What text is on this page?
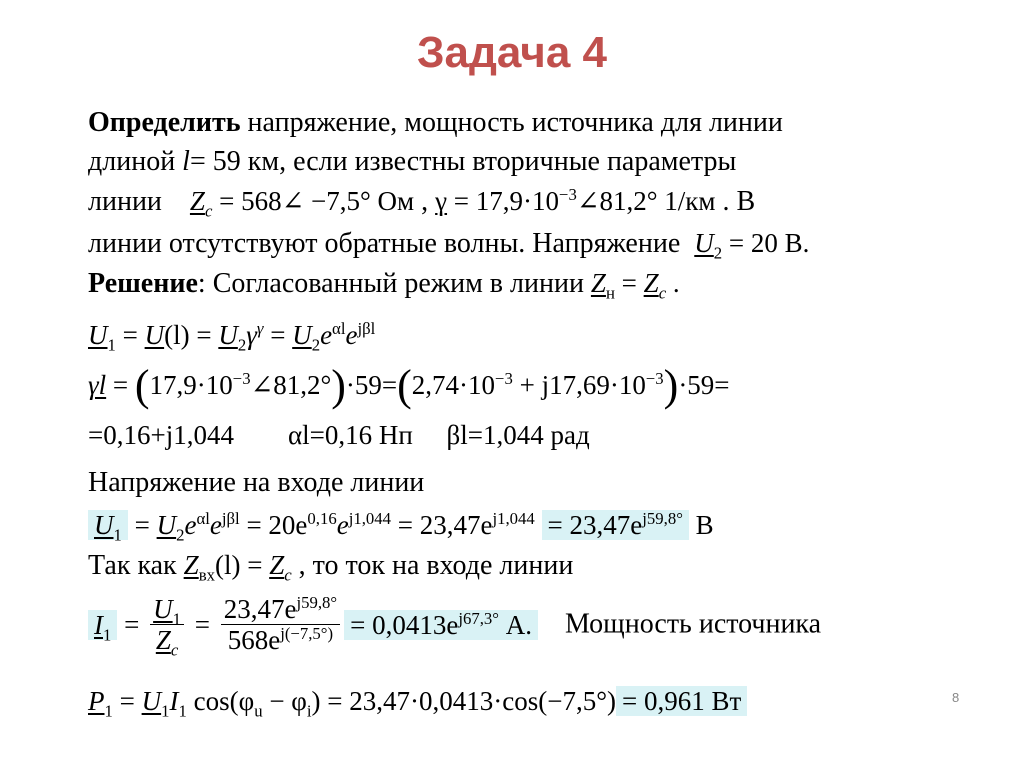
Задача 4
Определить напряжение, мощность источника для линии
длиной l= 59 км, если известны вторичные параметры
линии $Z_c$ = 568∠ −7,5° Ом , $\gamma = 17,9\cdot 10^{-3}\angle 81,2^\circ$ 1/км . В
линии отсутствуют обратные волны. Напряжение $U_2 = 20$ В.
Решение: Согласованный режим в линии $Z_н = Z_c$ .
$U_1 = U(l) = U_2\gamma^\gamma = U_2e^{\alpha l}e^{j\beta l}$
$\gamma l = (17,9\cdot 10^{-3}\angle 81,2^\circ)\cdot 59=(2,74\cdot 10^{-3} + j17,69\cdot 10^{-3})\cdot 59=$
=0,16+j1,044 αl=0,16 Нп βl=1,044 рад
Напряжение на входе линии
$U_1 = U_2e^{\alpha l}e^{j\beta l} = 20e^{0,16}e^{j1,044} = 23,47e^{j1,044} = 23,47e^{j59,8^\circ}$ В
Так как $Z_{вх}(l) = Z_c$ , то ток на входе линии
$I_1 = \frac{U_1}{Z_c} = \frac{23,47e^{j59,8^\circ}}{568e^{j(-7,5^\circ)}} = 0,0413e^{j67,3^\circ}$ А. Мощность источника
$P_1 = U_1I_1$ $\cos(\varphi_u - \varphi_i) = 23,47\cdot 0,0413\cdot\cos(-7,5^\circ) = 0,961$ Вт	8
